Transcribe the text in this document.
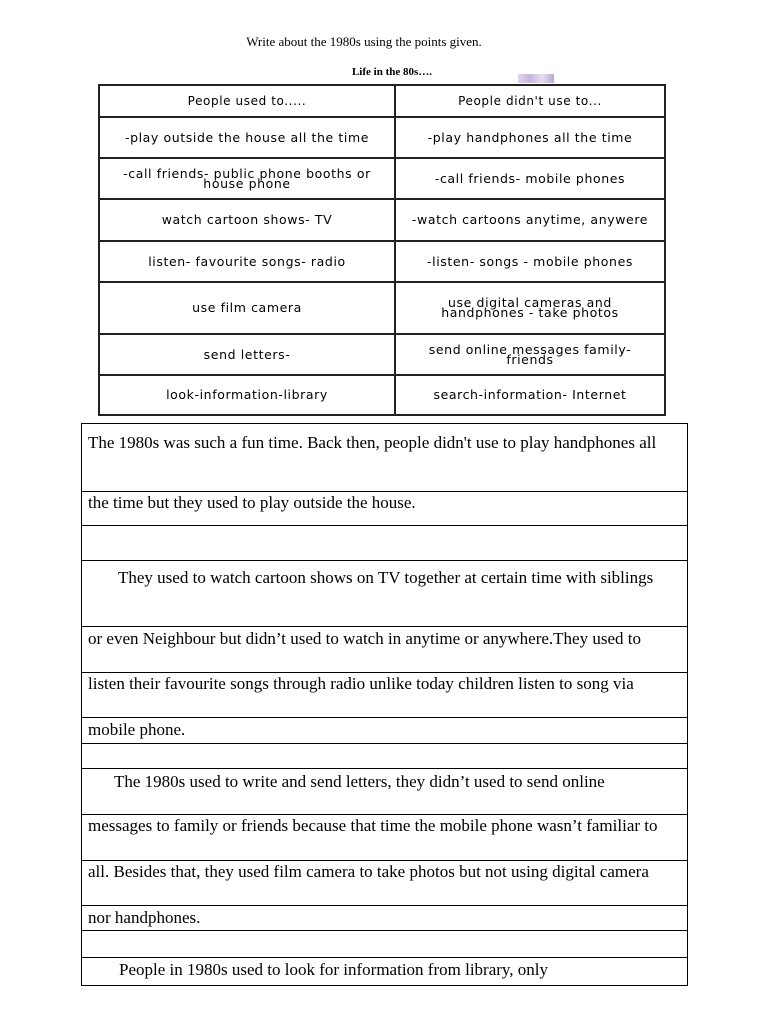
Write about the 1980s using the points given.
Life in the 80s….
People used to.....	People didn't use to...
-play outside the house all the time	-play handphones all the time
-call friends- public phone booths or house phone	-call friends- mobile phones
watch cartoon shows- TV	-watch cartoons anytime, anywere
listen- favourite songs- radio	-listen- songs - mobile phones
use film camera	use digital cameras and handphones - take photos
send letters-	send online messages family-friends
look-information-library	search-information- Internet
The 1980s was such a fun time. Back then, people didn't use to play handphones all
the time but they used to play outside the house.
They used to watch cartoon shows on TV together at certain time with siblings
or even Neighbour but didn’t used to watch in anytime or anywhere.They used to
listen their favourite songs through radio unlike today children listen to song via
mobile phone.
The 1980s used to write and send letters, they didn’t used to send online
messages to family or friends because that time the mobile phone wasn’t familiar to
all. Besides that, they used film camera to take photos but not using digital camera
nor handphones.
People in 1980s used to look for information from library, only
